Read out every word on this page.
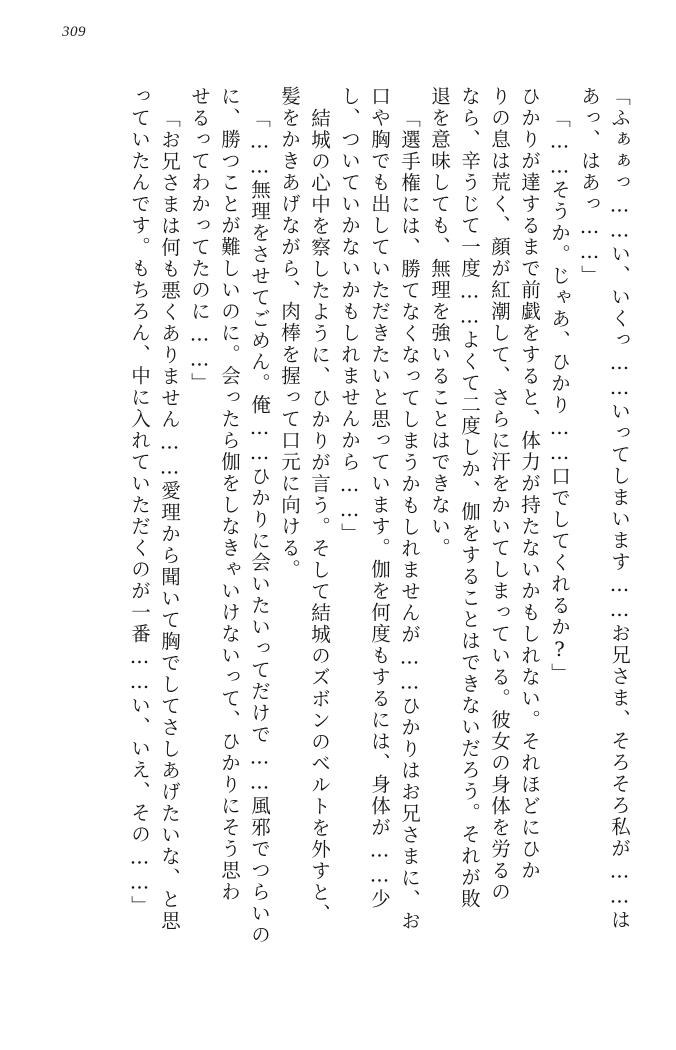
309
「ふぁぁっ……い、いくっ……いってしまいます……お兄さま、そろそろ私が……は
あっ、はあっ……」
「……そうか。じゃあ、ひかり……口でしてくれるか?」
ひかりが達するまで前戯をすると、体力が持たないかもしれない。それほどにひか
りの息は荒く、顔が紅潮して、さらに汗をかいてしまっている。彼女の身体を労るの
なら、辛うじて一度……よくて二度しか、伽をすることはできないだろう。それが敗
退を意味しても、無理を強いることはできない。
「選手権には、勝てなくなってしまうかもしれませんが……ひかりはお兄さまに、お
口や胸でも出していただきたいと思っています。伽を何度もするには、身体が……少
し、ついていかないかもしれませんから……」
結城の心中を察したように、ひかりが言う。そして結城のズボンのベルトを外すと、
髪をかきあげながら、肉棒を握って口元に向ける。
「……無理をさせてごめん。俺……ひかりに会いたいってだけで……風邪でつらいの
に、勝つことが難しいのに。会ったら伽をしなきゃいけないって、ひかりにそう思わ
せるってわかってたのに……」
「お兄さまは何も悪くありません……愛理から聞いて胸でしてさしあげたいな、と思
っていたんです。もちろん、中に入れていただくのが一番……い、いえ、その……」
